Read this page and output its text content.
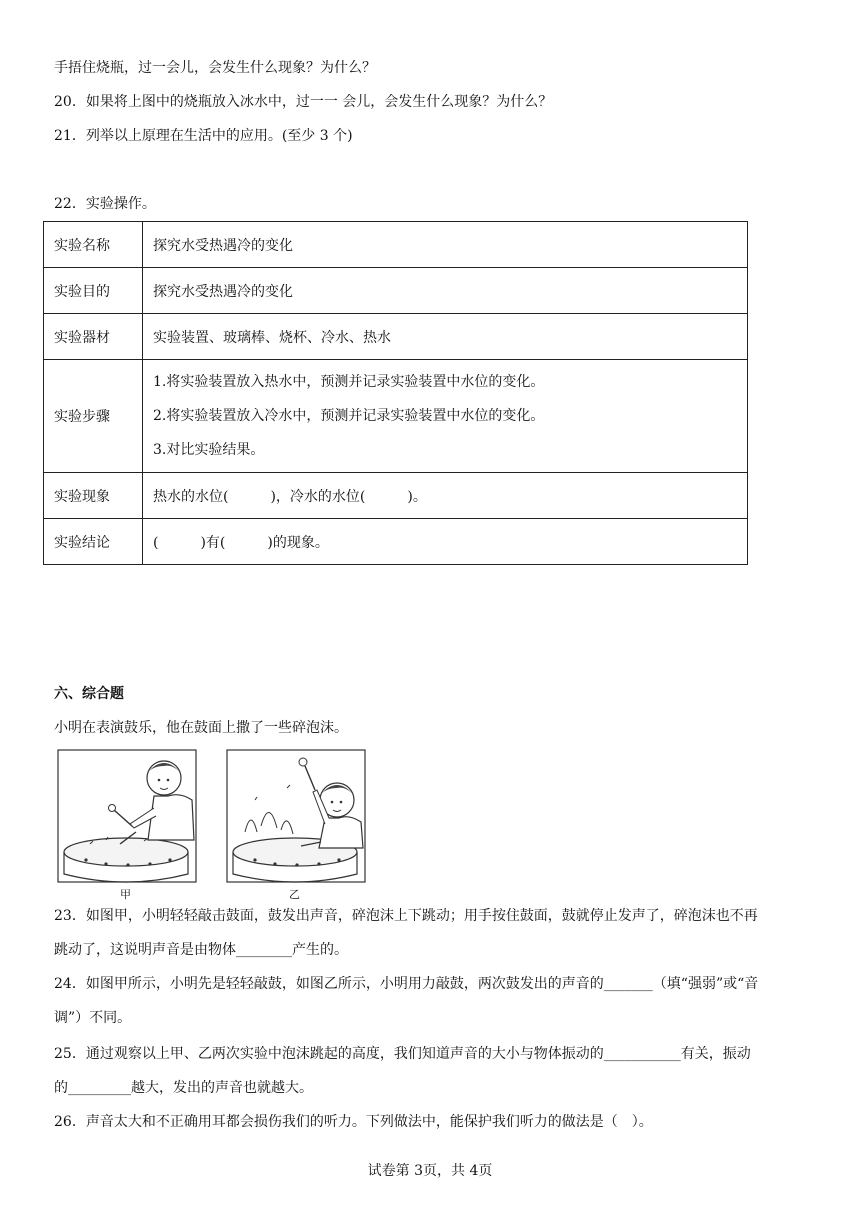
手捂住烧瓶，过一会儿，会发生什么现象？为什么？
20．如果将上图中的烧瓶放入冰水中，过一一 会儿，会发生什么现象？为什么？
21．列举以上原理在生活中的应用。(至少 3 个)
22．实验操作。
实验名称	探究水受热遇冷的变化
实验目的	探究水受热遇冷的变化
实验器材	实验装置、玻璃棒、烧杯、冷水、热水
实验步骤	1.将实验装置放入热水中，预测并记录实验装置中水位的变化。
2.将实验装置放入冷水中，预测并记录实验装置中水位的变化。
3.对比实验结果。

实验现象	热水的水位(　　　)，冷水的水位(　　　)。
实验结论	(　　　)有(　　　)的现象。
六、综合题
小明在表演鼓乐，他在鼓面上撒了一些碎泡沫。
甲	乙
23．如图甲，小明轻轻敲击鼓面，鼓发出声音，碎泡沫上下跳动；用手按住鼓面，鼓就停止发声了，碎泡沫也不再
跳动了，这说明声音是由物体________产生的。
24．如图甲所示，小明先是轻轻敲鼓，如图乙所示，小明用力敲鼓，两次鼓发出的声音的_______（填“强弱”或“音
调”）不同。
25．通过观察以上甲、乙两次实验中泡沫跳起的高度，我们知道声音的大小与物体振动的___________有关，振动
的_________越大，发出的声音也就越大。
26．声音太大和不正确用耳都会损伤我们的听力。下列做法中，能保护我们听力的做法是（　）。
试卷第 3页，共 4页
